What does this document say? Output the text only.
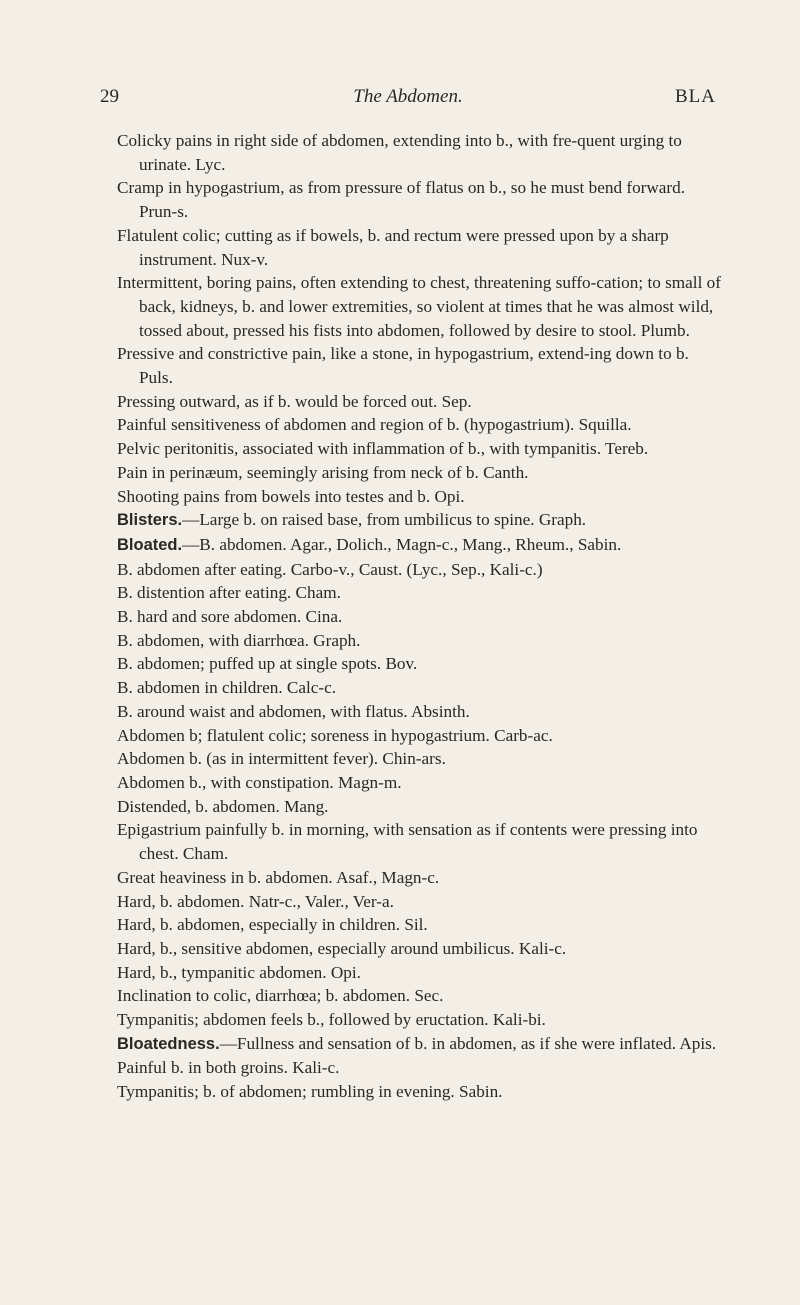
29	The Abdomen.	BLA

Colicky pains in right side of abdomen, extending into b., with fre-quent urging to urinate. Lyc.

Cramp in hypogastrium, as from pressure of flatus on b., so he must bend forward. Prun-s.

Flatulent colic; cutting as if bowels, b. and rectum were pressed upon by a sharp instrument. Nux-v.

Intermittent, boring pains, often extending to chest, threatening suffo-cation; to small of back, kidneys, b. and lower extremities, so violent at times that he was almost wild, tossed about, pressed his fists into abdomen, followed by desire to stool. Plumb.

Pressive and constrictive pain, like a stone, in hypogastrium, extend-ing down to b. Puls.

Pressing outward, as if b. would be forced out. Sep.

Painful sensitiveness of abdomen and region of b. (hypogastrium). Squilla.

Pelvic peritonitis, associated with inflammation of b., with tympanitis. Tereb.

Pain in perinæum, seemingly arising from neck of b. Canth.

Shooting pains from bowels into testes and b. Opi.

Blisters.—Large b. on raised base, from umbilicus to spine. Graph.

Bloated.—B. abdomen. Agar., Dolich., Magn-c., Mang., Rheum., Sabin.

B. abdomen after eating. Carbo-v., Caust. (Lyc., Sep., Kali-c.)

B. distention after eating. Cham.

B. hard and sore abdomen. Cina.

B. abdomen, with diarrhœa. Graph.

B. abdomen; puffed up at single spots. Bov.

B. abdomen in children. Calc-c.

B. around waist and abdomen, with flatus. Absinth.

Abdomen b; flatulent colic; soreness in hypogastrium. Carb-ac.

Abdomen b. (as in intermittent fever). Chin-ars.

Abdomen b., with constipation. Magn-m.

Distended, b. abdomen. Mang.

Epigastrium painfully b. in morning, with sensation as if contents were pressing into chest. Cham.

Great heaviness in b. abdomen. Asaf., Magn-c.

Hard, b. abdomen. Natr-c., Valer., Ver-a.

Hard, b. abdomen, especially in children. Sil.

Hard, b., sensitive abdomen, especially around umbilicus. Kali-c.

Hard, b., tympanitic abdomen. Opi.

Inclination to colic, diarrhœa; b. abdomen. Sec.

Tympanitis; abdomen feels b., followed by eructation. Kali-bi.

Bloatedness.—Fullness and sensation of b. in abdomen, as if she were inflated. Apis.

Painful b. in both groins. Kali-c.

Tympanitis; b. of abdomen; rumbling in evening. Sabin.
